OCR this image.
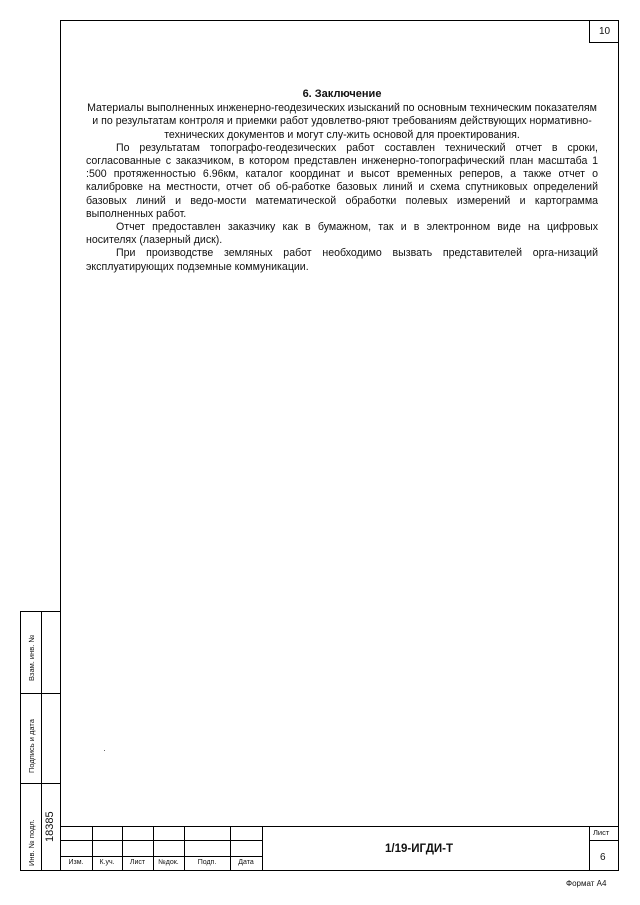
10
6. Заключение
Материалы выполненных инженерно-геодезических изысканий по основным техническим показателям и по результатам контроля и приемки работ удовлетво-ряют требованиям действующих нормативно-технических документов и могут слу-жить основой для проектирования.
По результатам топографо-геодезических работ составлен технический отчет в сроки, согласованные с заказчиком, в котором представлен инженерно-топографический план масштаба 1 :500 протяженностью 6.96км, каталог координат и высот временных реперов, а также отчет о калибровке на местности, отчет об об-работке базовых линий и схема спутниковых определений базовых линий и ведо-мости математической обработки полевых измерений и картограмма выполненных работ.
Отчет предоставлен заказчику как в бумажном, так и в электронном виде на цифровых носителях (лазерный диск).
При производстве земляных работ необходимо вызвать представителей орга-низаций эксплуатирующих подземные коммуникации.
Взам. инв. №
Подпись и дата
Инв. № подл. 18385
Изм.	К.уч.	Лист	№док.	Подп.	Дата
1/19-ИГДИ-Т
Лист
6
Формат А4
